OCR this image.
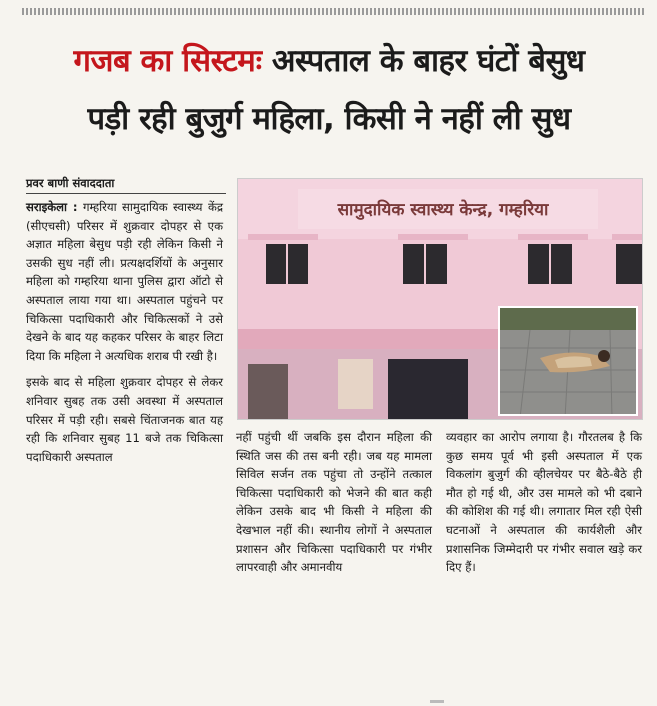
गजब का सिस्टमः अस्पताल के बाहर घंटों बेसुध
पड़ी रही बुजुर्ग महिला, किसी ने नहीं ली सुध
प्रवर बाणी संवाददाता

सराइकेला : गम्हरिया सामुदायिक स्वास्थ्य केंद्र (सीएचसी) परिसर में शुक्रवार दोपहर से एक अज्ञात महिला बेसुध पड़ी रही लेकिन किसी ने उसकी सुध नहीं ली। प्रत्यक्षदर्शियों के अनुसार महिला को गम्हरिया थाना पुलिस द्वारा ऑटो से अस्पताल लाया गया था। अस्पताल पहुंचने पर चिकित्सा पदाधिकारी और चिकित्सकों ने उसे देखने के बाद यह कहकर परिसर के बाहर लिटा दिया कि महिला ने अत्यधिक शराब पी रखी है।

इसके बाद से महिला शुक्रवार दोपहर से लेकर शनिवार सुबह तक उसी अवस्था में अस्पताल परिसर में पड़ी रही। सबसे चिंताजनक बात यह रही कि शनिवार सुबह 11 बजे तक चिकित्सा पदाधिकारी अस्पताल

सामुदायिक स्वास्थ्य केन्द्र, गम्हरिया

नहीं पहुंची थीं जबकि इस दौरान महिला की स्थिति जस की तस बनी रही। जब यह मामला सिविल सर्जन तक पहुंचा तो उन्होंने तत्काल चिकित्सा पदाधिकारी को भेजने की बात कही लेकिन उसके बाद भी किसी ने महिला की देखभाल नहीं की। स्थानीय लोगों ने अस्पताल प्रशासन और चिकित्सा पदाधिकारी पर गंभीर लापरवाही और अमानवीय

व्यवहार का आरोप लगाया है। गौरतलब है कि कुछ समय पूर्व भी इसी अस्पताल में एक विकलांग बुजुर्ग की व्हीलचेयर पर बैठे-बैठे ही मौत हो गई थी, और उस मामले को भी दबाने की कोशिश की गई थी। लगातार मिल रही ऐसी घटनाओं ने अस्पताल की कार्यशैली और प्रशासनिक जिम्मेदारी पर गंभीर सवाल खड़े कर दिए हैं।
